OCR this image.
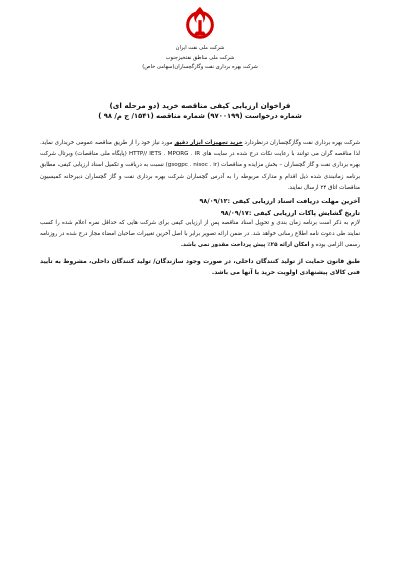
شرکت ملی نفت ایران
شرکت ملی مناطق نفتخیزجنوب
شرکت بهره برداری نفت وگازگچساران(سهامی خاص)
فراخوان ارزیابی کیفی مناقصه خرید (دو مرحله ای)
شماره درخواست (۹۷۰۰۱۹۹) شماره مناقصه (۱۵۴۱/ ج م/ ۹۸ )

شرکت بهره برداری نفت وگازگچساران درنظردارد خرید تجهیزات ابزار دقیق مورد نیاز خود را از طریق مناقصه عمومی خریداری نماید. لذا مناقصه گران می توانند با رعایت نکات درج شده در سایت های HTTP// IETS . MPORG . IR (پایگاه ملی مناقصات) وبرتال شرکت بهره برداری نفت و گاز گچساران – بخش مزایده و مناقصات (gsogpc . nisoc . ir) نسبت به دریافت و تکمیل اسناد ارزیابی کیفی، مطابق برنامه زمانبندی شده ذیل اقدام و مدارک مربوطه را به آدرس گچساران شرکت بهره برداری نفت و گاز گچساران دبیرخانه کمیسیون مناقصات اتاق ۲۴ ارسال نمایند.

آخرین مهلت دریافت اسناد ارزیابی کیفی :۹۸/۰۹/۱۲

تاریخ گشایش پاکات ارزیابی کیفی :۹۸/۰۹/۱۷

لازم به ذکر است برنامه زمان بندی و تحویل اسناد مناقصه پس از ارزیابی کیفی برای شرکت هایی که حداقل نمره اعلام شده را کسب نمایند طی دعوت نامه اطلاع رسانی خواهد شد. در ضمن ارائه تصویر برابر با اصل آخرین تغییرات صاحبان امضاء مجاز درج شده در روزنامه رسمی الزامی بوده و امکان ارائه ۲۵٪ پیش پرداخت مقدور نمی باشد.

طبق قانون حمایت از تولید کنندگان داخلی، در صورت وجود سازندگان/ تولید کنندگان داخلی، مشروط به تأیید فنی کالای پیشنهادی اولویت خرید با آنها می باشد.
